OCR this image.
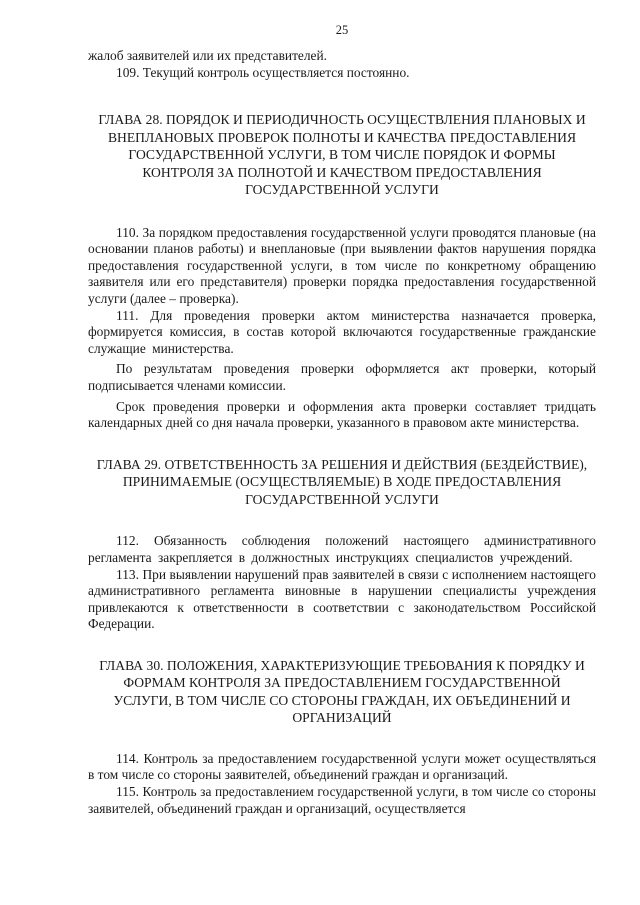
25

жалоб заявителей или их представителей.

109. Текущий контроль осуществляется постоянно.

ГЛАВА 28. ПОРЯДОК И ПЕРИОДИЧНОСТЬ ОСУЩЕСТВЛЕНИЯ ПЛАНОВЫХ И ВНЕПЛАНОВЫХ ПРОВЕРОК ПОЛНОТЫ И КАЧЕСТВА ПРЕДОСТАВЛЕНИЯ ГОСУДАРСТВЕННОЙ УСЛУГИ, В ТОМ ЧИСЛЕ ПОРЯДОК И ФОРМЫ КОНТРОЛЯ ЗА ПОЛНОТОЙ И КАЧЕСТВОМ ПРЕДОСТАВЛЕНИЯ ГОСУДАРСТВЕННОЙ УСЛУГИ

110. За порядком предоставления государственной услуги проводятся плановые (на основании планов работы) и внеплановые (при выявлении фактов нарушения порядка предоставления государственной услуги, в том числе по конкретному обращению заявителя или его представителя) проверки порядка предоставления государственной услуги (далее – проверка).

111. Для проведения проверки актом министерства назначается проверка, формируется комиссия, в состав которой включаются государственные гражданские служащие министерства.

По результатам проведения проверки оформляется акт проверки, который подписывается членами комиссии.

Срок проведения проверки и оформления акта проверки составляет тридцать календарных дней со дня начала проверки, указанного в правовом акте министерства.

ГЛАВА 29. ОТВЕТСТВЕННОСТЬ ЗА РЕШЕНИЯ И ДЕЙСТВИЯ (БЕЗДЕЙСТВИЕ), ПРИНИМАЕМЫЕ (ОСУЩЕСТВЛЯЕМЫЕ) В ХОДЕ ПРЕДОСТАВЛЕНИЯ ГОСУДАРСТВЕННОЙ УСЛУГИ

112. Обязанность соблюдения положений настоящего административного регламента закрепляется в должностных инструкциях специалистов учреждений.

113. При выявлении нарушений прав заявителей в связи с исполнением настоящего административного регламента виновные в нарушении специалисты учреждения привлекаются к ответственности в соответствии с законодательством Российской Федерации.

ГЛАВА 30. ПОЛОЖЕНИЯ, ХАРАКТЕРИЗУЮЩИЕ ТРЕБОВАНИЯ К ПОРЯДКУ И ФОРМАМ КОНТРОЛЯ ЗА ПРЕДОСТАВЛЕНИЕМ ГОСУДАРСТВЕННОЙ УСЛУГИ, В ТОМ ЧИСЛЕ СО СТОРОНЫ ГРАЖДАН, ИХ ОБЪЕДИНЕНИЙ И ОРГАНИЗАЦИЙ

114. Контроль за предоставлением государственной услуги может осуществляться в том числе со стороны заявителей, объединений граждан и организаций.

115. Контроль за предоставлением государственной услуги, в том числе со стороны заявителей, объединений граждан и организаций, осуществляется
